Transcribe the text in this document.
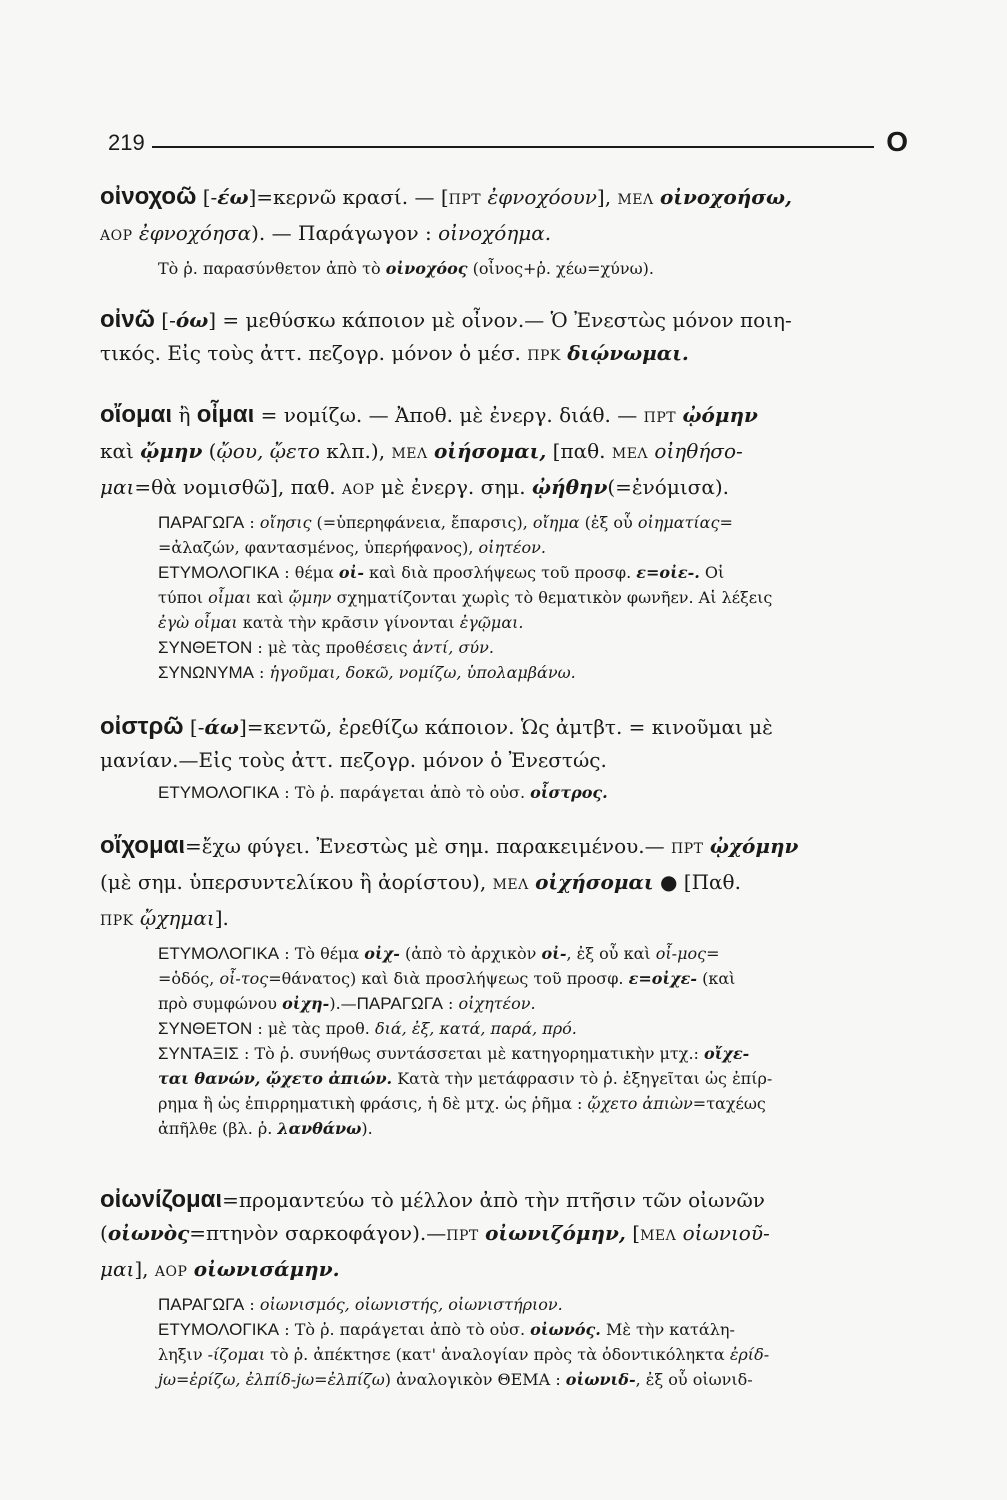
219	Ο

οἰνοχοῶ [-έω]=κερνῶ κρασί. — [ΠΡΤ ἐφνοχόουν], ΜΕΛ οἰνοχοήσω,
ΑΟΡ ἐφνοχόησα). — Παράγωγον : οἰνοχόημα.

Τὸ ῥ. παρασύνθετον ἀπὸ τὸ οἰνοχόος (οἶνος+ῥ. χέω=χύνω).

οἰνῶ [-όω] = μεθύσκω κάποιον μὲ οἶνον.— Ὁ Ἐνεστὼς μόνον ποιη-
τικός. Εἰς τοὺς ἀττ. πεζογρ. μόνον ὁ μέσ. ΠΡΚ διῴνωμαι.

οἴομαι ἢ οἶμαι = νομίζω. — Ἀποθ. μὲ ἐνεργ. διάθ. — ΠΡΤ ᾠόμην
καὶ ᾤμην (ᾤου, ᾤετο κλπ.), ΜΕΛ οἰήσομαι, [παθ. ΜΕΛ οἰηθήσο-
μαι=θὰ νομισθῶ], παθ. ΑΟΡ μὲ ἐνεργ. σημ. ᾠήθην(=ἐνόμισα).

ΠΑΡΑΓΩΓΑ : οἴησις (=ὑπερηφάνεια, ἔπαρσις), οἴημα (ἐξ οὗ οἰηματίας=
=ἀλαζών, φαντασμένος, ὑπερήφανος), οἰητέον.
ΕΤΥΜΟΛΟΓΙΚΑ : θέμα οἰ- καὶ διὰ προσλήψεως τοῦ προσφ. ε=οἰε-. Οἱ
τύποι οἶμαι καὶ ᾤμην σχηματίζονται χωρὶς τὸ θεματικὸν φωνῆεν. Αἱ λέξεις
ἐγὼ οἶμαι κατὰ τὴν κρᾶσιν γίνονται ἐγῷμαι.
ΣΥΝΘΕΤΟΝ : μὲ τὰς προθέσεις ἀντί, σύν.
ΣΥΝΩΝΥΜΑ : ἡγοῦμαι, δοκῶ, νομίζω, ὑπολαμβάνω.

οἰστρῶ [-άω]=κεντῶ, ἐρεθίζω κάποιον. Ὡς ἀμτβτ. = κινοῦμαι μὲ
μανίαν.—Εἰς τοὺς ἀττ. πεζογρ. μόνον ὁ Ἐνεστώς.

ΕΤΥΜΟΛΟΓΙΚΑ : Τὸ ῥ. παράγεται ἀπὸ τὸ οὐσ. οἶστρος.

οἴχομαι=ἔχω φύγει. Ἐνεστὼς μὲ σημ. παρακειμένου.— ΠΡΤ ᾠχόμην
(μὲ σημ. ὑπερσυντελίκου ἢ ἀορίστου), ΜΕΛ οἰχήσομαι ● [Παθ.
ΠΡΚ ᾤχημαι].

ΕΤΥΜΟΛΟΓΙΚΑ : Τὸ θέμα οἰχ- (ἀπὸ τὸ ἀρχικὸν οἰ-, ἐξ οὗ καὶ οἶ-μος=
=ὁδός, οἶ-τος=θάνατος) καὶ διὰ προσλήψεως τοῦ προσφ. ε=οἰχε- (καὶ
πρὸ συμφώνου οἰχη-).—ΠΑΡΑΓΩΓΑ : οἰχητέον.
ΣΥΝΘΕΤΟΝ : μὲ τὰς προθ. διά, ἐξ, κατά, παρά, πρό.
ΣΥΝΤΑΞΙΣ : Τὸ ῥ. συνήθως συντάσσεται μὲ κατηγορηματικὴν μτχ.: οἴχε-
ται θανών, ᾤχετο ἀπιών. Κατὰ τὴν μετάφρασιν τὸ ῥ. ἐξηγεῖται ὡς ἐπίρ-
ρημα ἢ ὡς ἐπιρρηματικὴ φράσις, ἡ δὲ μτχ. ὡς ῥῆμα : ᾤχετο ἀπιὼν=ταχέως
ἀπῆλθε (βλ. ῥ. λανθάνω).

οἰωνίζομαι=προμαντεύω τὸ μέλλον ἀπὸ τὴν πτῆσιν τῶν οἰωνῶν
(οἰωνὸς=πτηνὸν σαρκοφάγον).—ΠΡΤ οἰωνιζόμην, [ΜΕΛ οἰωνιοῦ-
μαι], ΑΟΡ οἰωνισάμην.

ΠΑΡΑΓΩΓΑ : οἰωνισμός, οἰωνιστής, οἰωνιστήριον.
ΕΤΥΜΟΛΟΓΙΚΑ : Τὸ ῥ. παράγεται ἀπὸ τὸ οὐσ. οἰωνός. Μὲ τὴν κατάλη-
ληξιν -ίζομαι τὸ ῥ. ἀπέκτησε (κατ' ἀναλογίαν πρὸς τὰ ὀδοντικόληκτα ἐρίδ-
jω=ἐρίζω, ἐλπίδ-jω=ἐλπίζω) ἀναλογικὸν ΘΕΜΑ : οἰωνιδ-, ἐξ οὗ οἰωνιδ-
